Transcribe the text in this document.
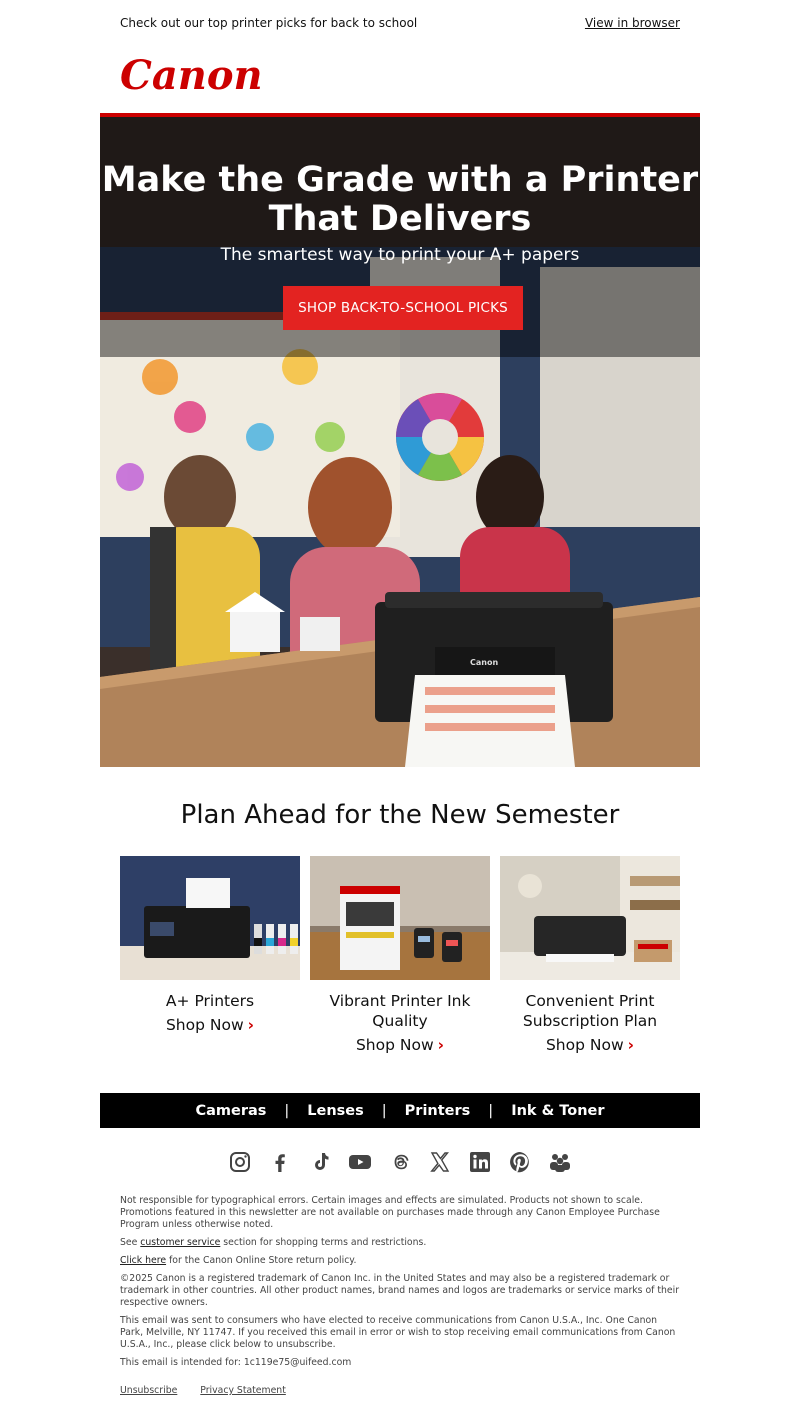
Check out our top printer picks for back to school	View in browser
Canon
Canon
Make the Grade with a Printer That Delivers
The smartest way to print your A+ papers
SHOP BACK-TO-SCHOOL PICKS
Plan Ahead for the New Semester
A+ Printers
Shop Now ›
Vibrant Printer Ink Quality
Shop Now ›
Convenient Print Subscription Plan
Shop Now ›
Cameras | Lenses | Printers | Ink & Toner

Not responsible for typographical errors. Certain images and effects are simulated. Products not shown to scale. Promotions featured in this newsletter are not available on purchases made through any Canon Employee Purchase Program unless otherwise noted.

See customer service section for shopping terms and restrictions.

Click here for the Canon Online Store return policy.

©2025 Canon is a registered trademark of Canon Inc. in the United States and may also be a registered trademark or trademark in other countries. All other product names, brand names and logos are trademarks or service marks of their respective owners.

This email was sent to consumers who have elected to receive communications from Canon U.S.A., Inc. One Canon Park, Melville, NY 11747. If you received this email in error or wish to stop receiving email communications from Canon U.S.A., Inc., please click below to unsubscribe.

This email is intended for: 1c119e75@uifeed.com

Unsubscribe Privacy Statement
